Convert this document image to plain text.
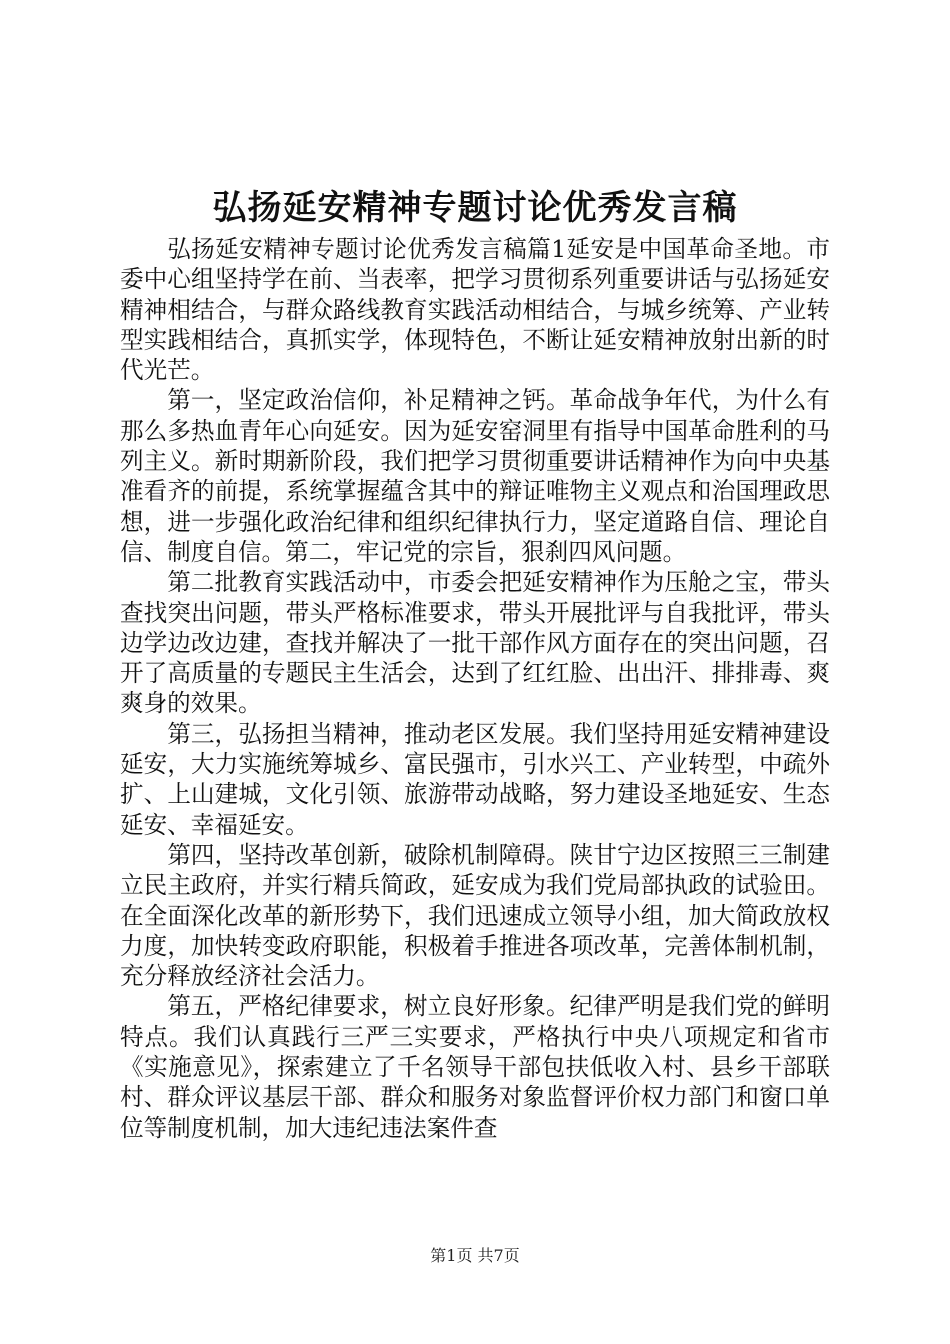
弘扬延安精神专题讨论优秀发言稿

弘扬延安精神专题讨论优秀发言稿篇1延安是中国革命圣地。市委中心组坚持学在前、当表率，把学习贯彻系列重要讲话与弘扬延安精神相结合，与群众路线教育实践活动相结合，与城乡统筹、产业转型实践相结合，真抓实学，体现特色，不断让延安精神放射出新的时代光芒。

第一，坚定政治信仰，补足精神之钙。革命战争年代，为什么有那么多热血青年心向延安。因为延安窑洞里有指导中国革命胜利的马列主义。新时期新阶段，我们把学习贯彻重要讲话精神作为向中央基准看齐的前提，系统掌握蕴含其中的辩证唯物主义观点和治国理政思想，进一步强化政治纪律和组织纪律执行力，坚定道路自信、理论自信、制度自信。第二，牢记党的宗旨，狠刹四风问题。

第二批教育实践活动中，市委会把延安精神作为压舱之宝，带头查找突出问题，带头严格标准要求，带头开展批评与自我批评，带头边学边改边建，查找并解决了一批干部作风方面存在的突出问题，召开了高质量的专题民主生活会，达到了红红脸、出出汗、排排毒、爽爽身的效果。

第三，弘扬担当精神，推动老区发展。我们坚持用延安精神建设延安，大力实施统筹城乡、富民强市，引水兴工、产业转型，中疏外扩、上山建城，文化引领、旅游带动战略，努力建设圣地延安、生态延安、幸福延安。

第四，坚持改革创新，破除机制障碍。陕甘宁边区按照三三制建立民主政府，并实行精兵简政，延安成为我们党局部执政的试验田。在全面深化改革的新形势下，我们迅速成立领导小组，加大简政放权力度，加快转变政府职能，积极着手推进各项改革，完善体制机制，充分释放经济社会活力。

第五，严格纪律要求，树立良好形象。纪律严明是我们党的鲜明特点。我们认真践行三严三实要求，严格执行中央八项规定和省市《实施意见》，探索建立了千名领导干部包扶低收入村、县乡干部联村、群众评议基层干部、群众和服务对象监督评价权力部门和窗口单位等制度机制，加大违纪违法案件查

第1页 共7页
